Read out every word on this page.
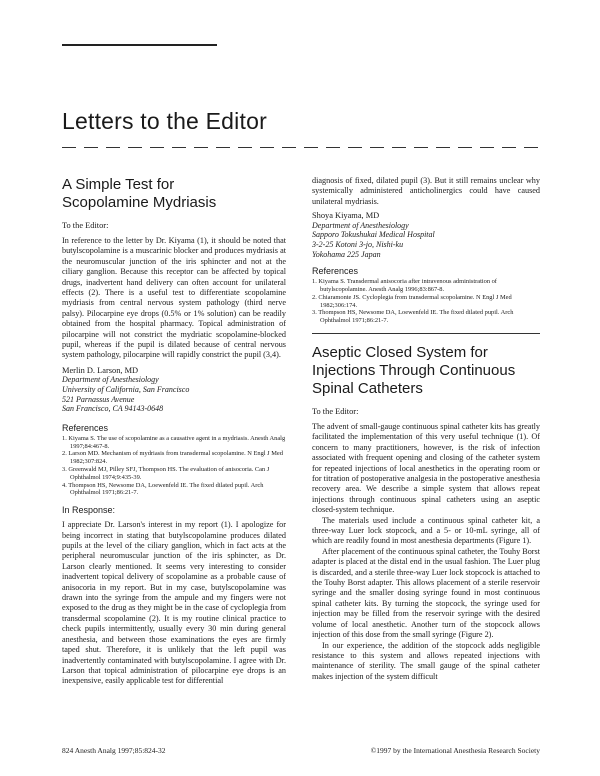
Letters to the Editor
A Simple Test for Scopolamine Mydriasis
To the Editor:

In reference to the letter by Dr. Kiyama (1), it should be noted that butylscopolamine is a muscarinic blocker and produces mydriasis at the neuromuscular junction of the iris sphincter and not at the ciliary ganglion. Because this receptor can be affected by topical drugs, inadvertent hand delivery can often account for unilateral effects (2). There is a useful test to differentiate scopolamine mydriasis from central nervous system pathology (third nerve palsy). Pilocarpine eye drops (0.5% or 1% solution) can be readily obtained from the hospital pharmacy. Topical administration of pilocarpine will not constrict the mydriatic scopolamine-blocked pupil, whereas if the pupil is dilated because of central nervous system pathology, pilocarpine will rapidly constrict the pupil (3,4).

Merlin D. Larson, MD
Department of Anesthesiology
University of California, San Francisco
521 Parnassus Avenue
San Francisco, CA 94143-0648
References
1. Kiyama S. The use of scopolamine as a causative agent in a mydriasis. Anesth Analg 1997;84:467-8.
2. Larson MD. Mechanism of mydriasis from transdermal scopolamine. N Engl J Med 1982;307:824.
3. Greenwald MJ, Pilley SFJ, Thompson HS. The evaluation of anisocoria. Can J Ophthalmol 1974;9:435-39.
4. Thompson HS, Newsome DA, Loewenfeld IE. The fixed dilated pupil. Arch Ophthalmol 1971;86:21-7.
In Response:

I appreciate Dr. Larson's interest in my report (1). I apologize for being incorrect in stating that butylscopolamine produces dilated pupils at the level of the ciliary ganglion, which in fact acts at the peripheral neuromuscular junction of the iris sphincter, as Dr. Larson clearly mentioned. It seems very interesting to consider inadvertent topical delivery of scopolamine as a probable cause of anisocoria in my report. But in my case, butylscopolamine was drawn into the syringe from the ampule and my fingers were not exposed to the drug as they might be in the case of cycloplegia from transdermal scopolamine (2). It is my routine clinical practice to check pupils intermittently, usually every 30 min during general anesthesia, and between those examinations the eyes are firmly taped shut. Therefore, it is unlikely that the left pupil was inadvertently contaminated with butylscopolamine. I agree with Dr. Larson that topical administration of pilocarpine eye drops is an inexpensive, easily applicable test for differential

diagnosis of fixed, dilated pupil (3). But it still remains unclear why systemically administered anticholinergics could have caused unilateral mydriasis.

Shoya Kiyama, MD
Department of Anesthesiology
Sapporo Tokushukai Medical Hospital
3-2-25 Kotoni 3-jo, Nishi-ku
Yokohama 225 Japan
References
1. Kiyama S. Transdermal anisocoria after intravenous administration of butylscopolamine. Anesth Analg 1996;83:867-8.
2. Chiaramonte JS. Cycloplegia from transdermal scopolamine. N Engl J Med 1982;306:174.
3. Thompson HS, Newsome DA, Loewenfeld IE. The fixed dilated pupil. Arch Ophthalmol 1971;86:21-7.
Aseptic Closed System for Injections Through Continuous Spinal Catheters
To the Editor:

The advent of small-gauge continuous spinal catheter kits has greatly facilitated the implementation of this very useful technique (1). Of concern to many practitioners, however, is the risk of infection associated with frequent opening and closing of the catheter system for repeated injections of local anesthetics in the operating room or for titration of postoperative analgesia in the postoperative anesthesia recovery area. We describe a simple system that allows repeat injections through continuous spinal catheters using an aseptic closed-system technique.

The materials used include a continuous spinal catheter kit, a three-way Luer lock stopcock, and a 5- or 10-mL syringe, all of which are readily found in most anesthesia departments (Figure 1).

After placement of the continuous spinal catheter, the Touhy Borst adapter is placed at the distal end in the usual fashion. The Luer plug is discarded, and a sterile three-way Luer lock stopcock is attached to the Touhy Borst adapter. This allows placement of a sterile reservoir syringe and the smaller dosing syringe found in most continuous spinal catheter kits. By turning the stopcock, the syringe used for injection may be filled from the reservoir syringe with the desired volume of local anesthetic. Another turn of the stopcock allows injection of this dose from the small syringe (Figure 2).

In our experience, the addition of the stopcock adds negligible resistance to this system and allows repeated injections with maintenance of sterility. The small gauge of the spinal catheter makes injection of the system difficult

824 Anesth Analg 1997;85:824-32	©1997 by the International Anesthesia Research Society
